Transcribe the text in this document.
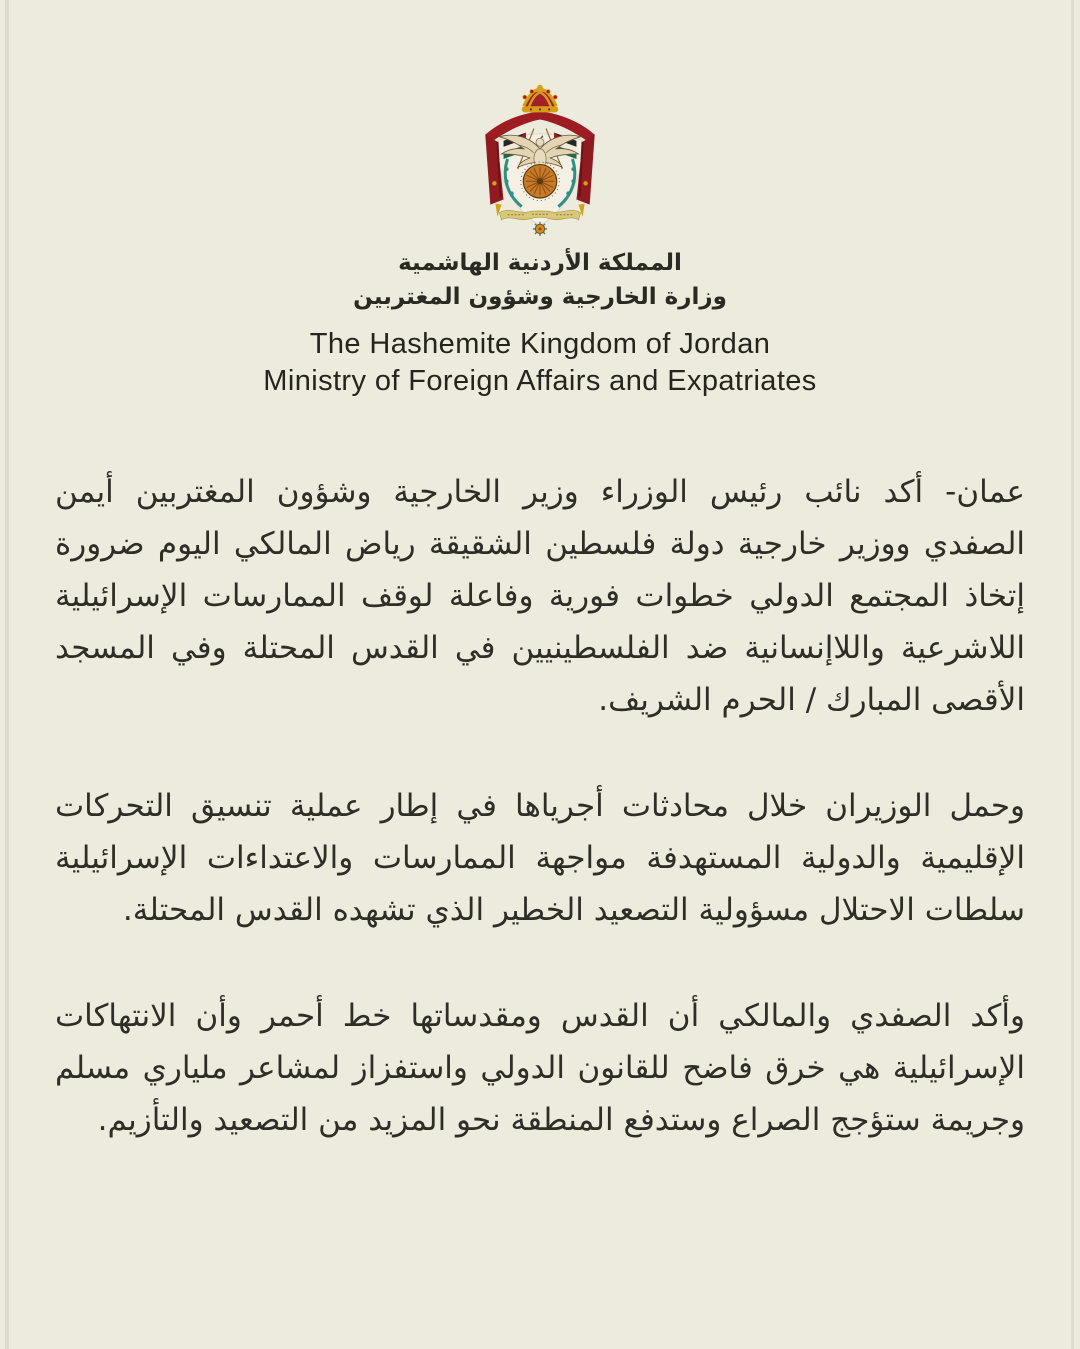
المملكة الأردنية الهاشمية
وزارة الخارجية وشؤون المغتربين
The Hashemite Kingdom of Jordan
Ministry of Foreign Affairs and Expatriates

عمان- أكد نائب رئيس الوزراء وزير الخارجية وشؤون المغتربين أيمن الصفدي ووزير خارجية دولة فلسطين الشقيقة رياض المالكي اليوم ضرورة إتخاذ المجتمع الدولي خطوات فورية وفاعلة لوقف الممارسات الإسرائيلية اللاشرعية واللاإنسانية ضد الفلسطينيين في القدس المحتلة وفي المسجد الأقصى المبارك / الحرم الشريف.

وحمل الوزيران خلال محادثات أجرياها في إطار عملية تنسيق التحركات الإقليمية والدولية المستهدفة مواجهة الممارسات والاعتداءات الإسرائيلية سلطات الاحتلال مسؤولية التصعيد الخطير الذي تشهده القدس المحتلة.

وأكد الصفدي والمالكي أن القدس ومقدساتها خط أحمر وأن الانتهاكات الإسرائيلية هي خرق فاضح للقانون الدولي واستفزاز لمشاعر ملياري مسلم وجريمة ستؤجج الصراع وستدفع المنطقة نحو المزيد من التصعيد والتأزيم.
